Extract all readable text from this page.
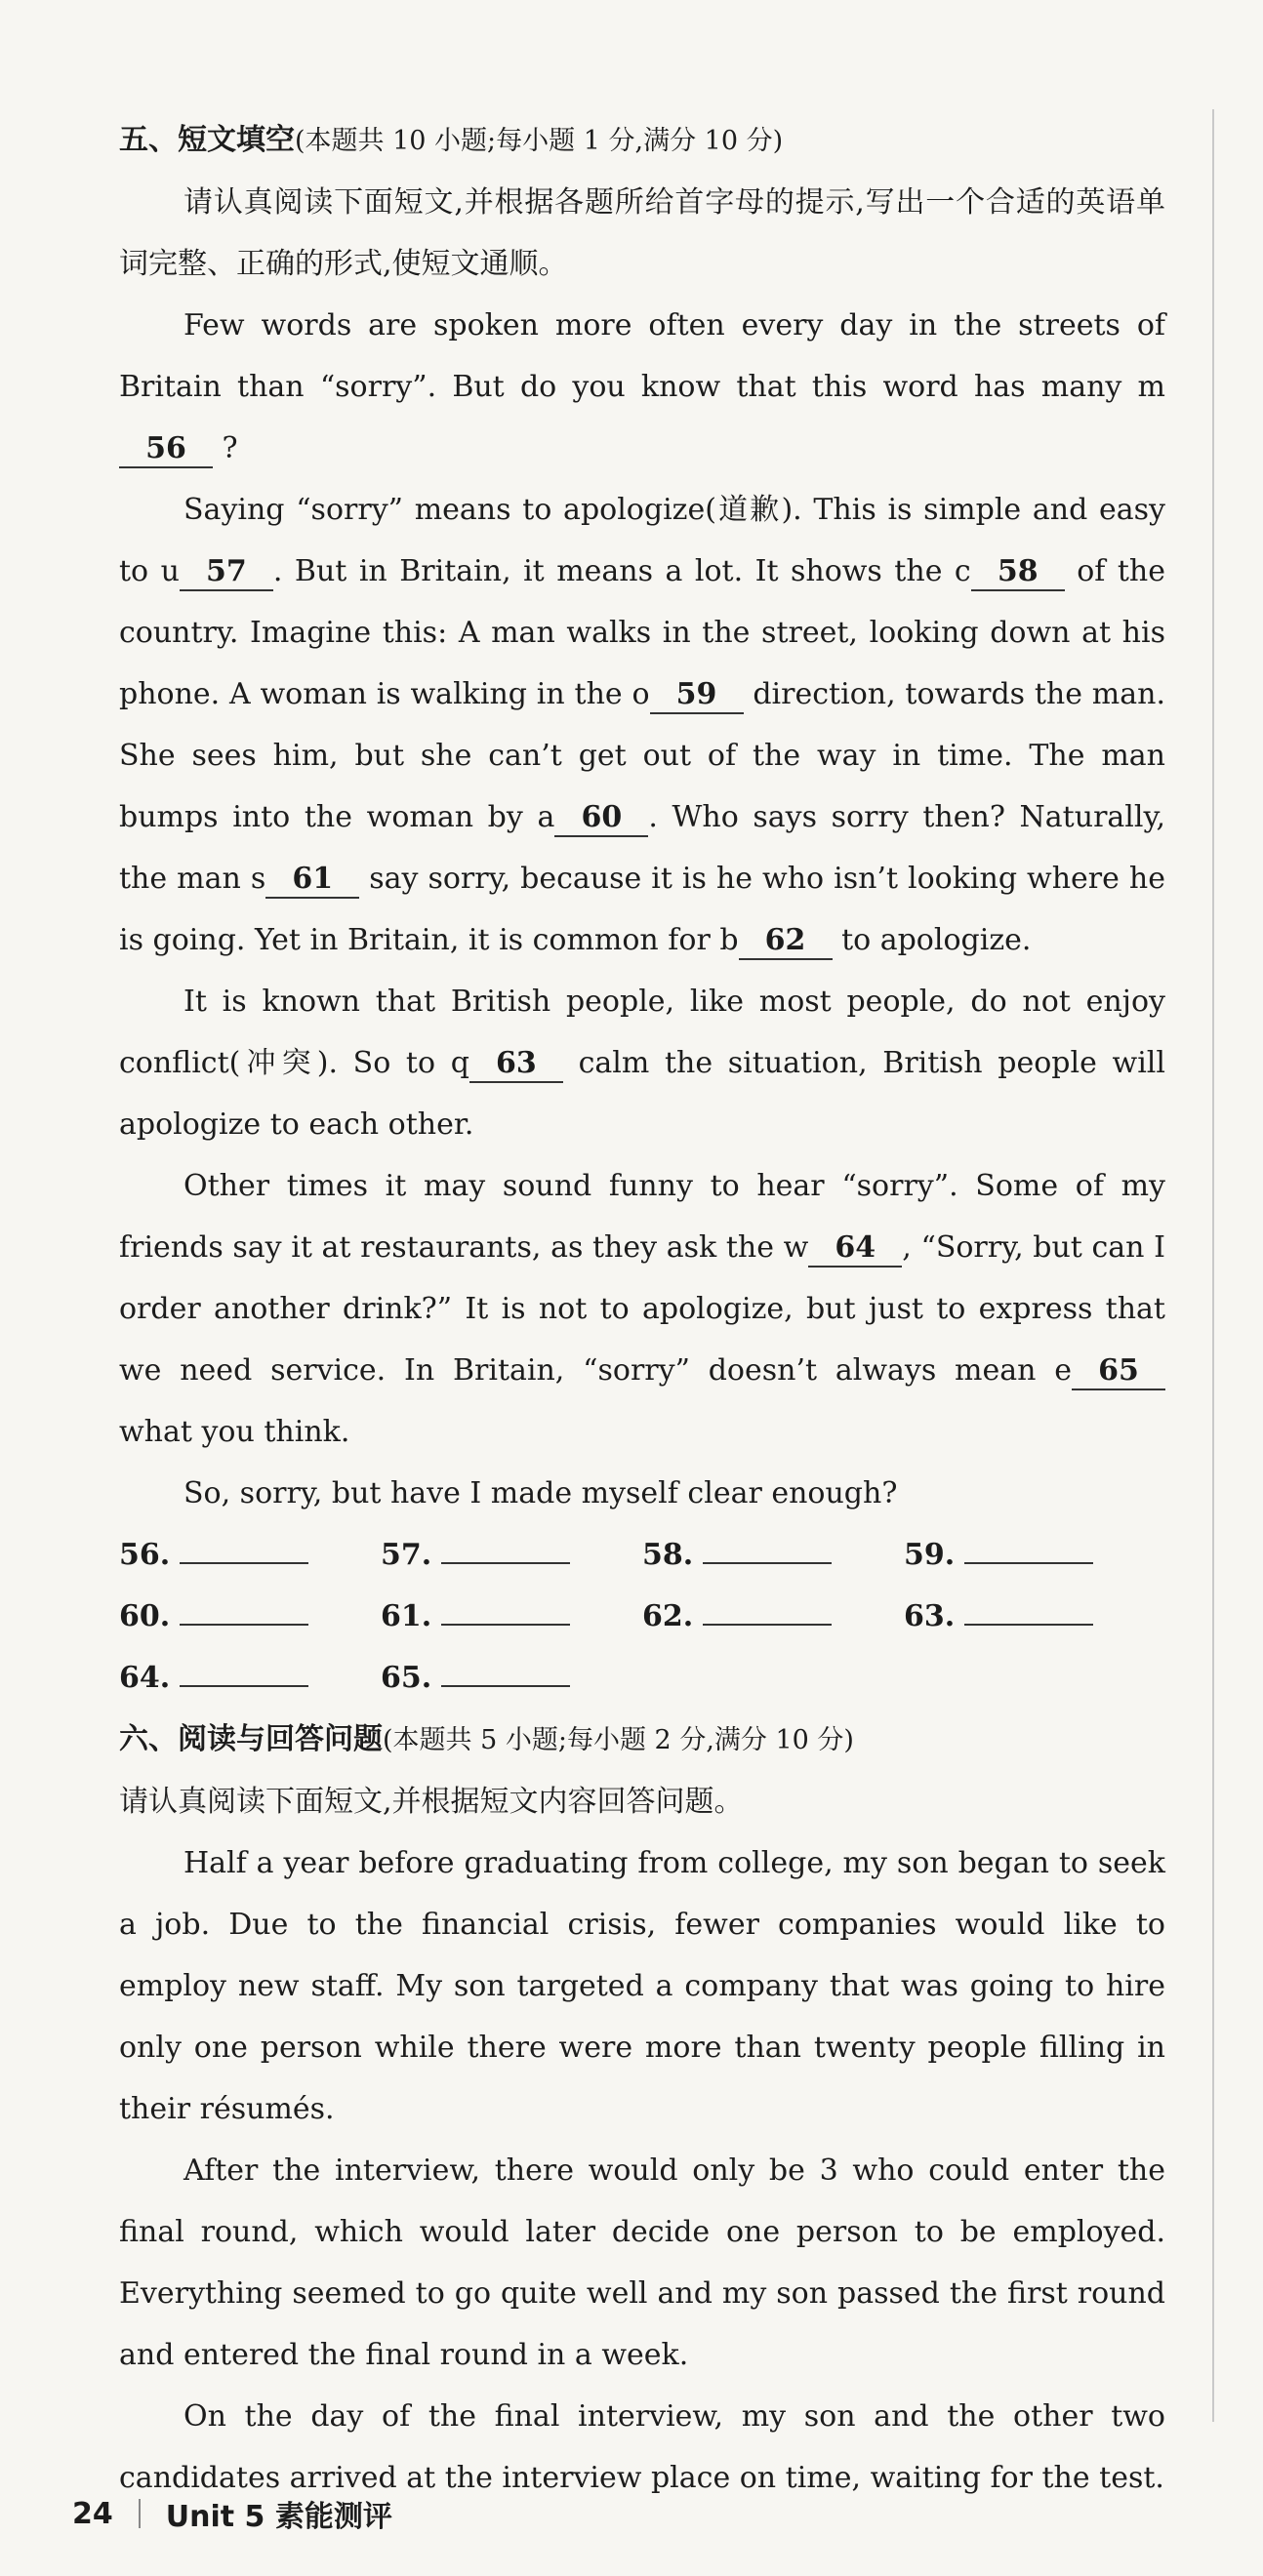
五、短文填空(本题共 10 小题;每小题 1 分,满分 10 分)

请认真阅读下面短文,并根据各题所给首字母的提示,写出一个合适的英语单词完整、正确的形式,使短文通顺。

Few words are spoken more often every day in the streets of Britain than “sorry”. But do you know that this word has many m56 ?

Saying “sorry” means to apologize(道歉). This is simple and easy to u 57 . But in Britain, it means a lot. It shows the c 58 of the country. Imagine this: A man walks in the street, looking down at his phone. A woman is walking in the o 59 direction, towards the man. She sees him, but she can’t get out of the way in time. The man bumps into the woman by a 60 . Who says sorry then? Naturally, the man s 61 say sorry, because it is he who isn’t looking where he is going. Yet in Britain, it is common for b 62 to apologize.

It is known that British people, like most people, do not enjoy conflict(冲突). So to q 63 calm the situation, British people will apologize to each other.

Other times it may sound funny to hear “sorry”. Some of my friends say it at restaurants, as they ask the w 64 , “Sorry, but can I order another drink?” It is not to apologize, but just to express that we need service. In Britain, “sorry” doesn’t always mean e 65 what you think.

So, sorry, but have I made myself clear enough?

56.	57.	58.	59.
60.	61.	62.	63.
64.	65.
六、阅读与回答问题(本题共 5 小题;每小题 2 分,满分 10 分)

请认真阅读下面短文,并根据短文内容回答问题。

Half a year before graduating from college, my son began to seek a job. Due to the financial crisis, fewer companies would like to employ new staff. My son targeted a company that was going to hire only one person while there were more than twenty people filling in their résumés.

After the interview, there would only be 3 who could enter the final round, which would later decide one person to be employed. Everything seemed to go quite well and my son passed the first round and entered the final round in a week.

On the day of the final interview, my son and the other two candidates arrived at the interview place on time, waiting for the test.

24 Unit 5 素能测评
